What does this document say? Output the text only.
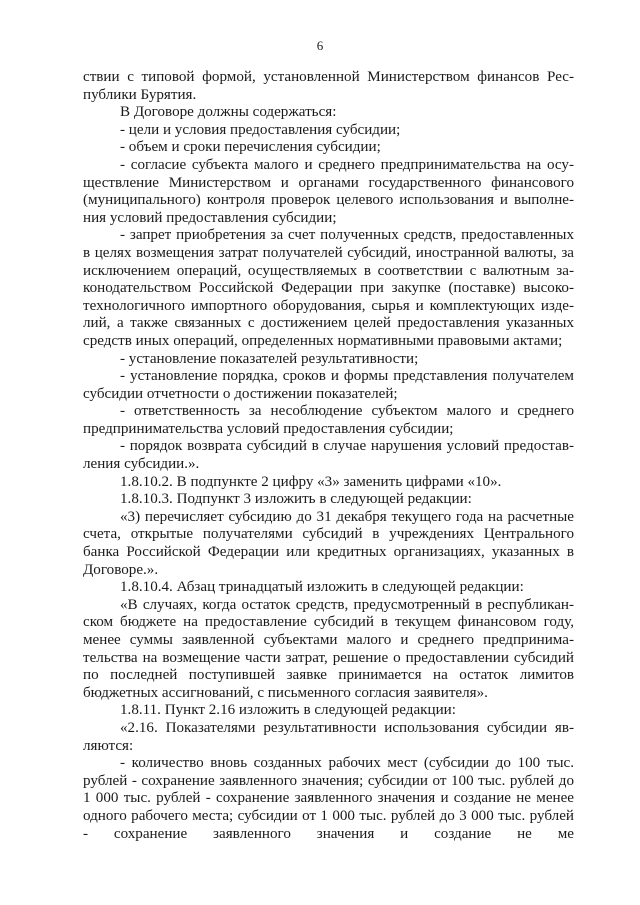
6

ствии с типовой формой, установленной Министерством финансов Республики Бурятия.

В Договоре должны содержаться:

- цели и условия предоставления субсидии;

- объем и сроки перечисления субсидии;

- согласие субъекта малого и среднего предпринимательства на осуществление Министерством и органами государственного финансового (муниципального) контроля проверок целевого использования и выполнения условий предоставления субсидии;

- запрет приобретения за счет полученных средств, предоставленных в целях возмещения затрат получателей субсидий, иностранной валюты, за исключением операций, осуществляемых в соответствии с валютным законодательством Российской Федерации при закупке (поставке) высокотехнологичного импортного оборудования, сырья и комплектующих изделий, а также связанных с достижением целей предоставления указанных средств иных операций, определенных нормативными правовыми актами;

- установление показателей результативности;

- установление порядка, сроков и формы представления получателем субсидии отчетности о достижении показателей;

- ответственность за несоблюдение субъектом малого и среднего предпринимательства условий предоставления субсидии;

- порядок возврата субсидий в случае нарушения условий предоставления субсидии.».

1.8.10.2. В подпункте 2 цифру «3» заменить цифрами «10».

1.8.10.3. Подпункт 3 изложить в следующей редакции:

«3) перечисляет субсидию до 31 декабря текущего года на расчетные счета, открытые получателями субсидий в учреждениях Центрального банка Российской Федерации или кредитных организациях, указанных в Договоре.».

1.8.10.4. Абзац тринадцатый изложить в следующей редакции:

«В случаях, когда остаток средств, предусмотренный в республиканском бюджете на предоставление субсидий в текущем финансовом году, менее суммы заявленной субъектами малого и среднего предпринимательства на возмещение части затрат, решение о предоставлении субсидий по последней поступившей заявке принимается на остаток лимитов бюджетных ассигнований, с письменного согласия заявителя».

1.8.11. Пункт 2.16 изложить в следующей редакции:

«2.16. Показателями результативности использования субсидии являются:

- количество вновь созданных рабочих мест (субсидии до 100 тыс. рублей - сохранение заявленного значения; субсидии от 100 тыс. рублей до 1 000 тыс. рублей - сохранение заявленного значения и создание не менее одного рабочего места; субсидии от 1 000 тыс. рублей до 3 000 тыс. рублей - сохранение заявленного значения и создание не ме
